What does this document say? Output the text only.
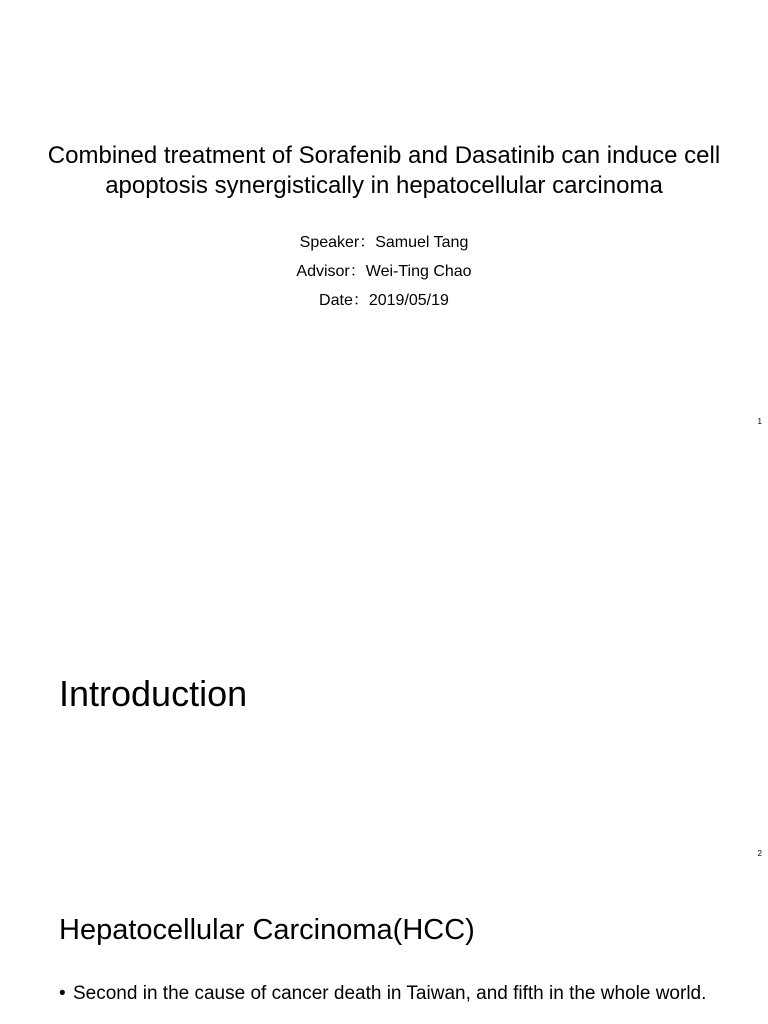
Combined treatment of Sorafenib and Dasatinib can induce cell apoptosis synergistically in hepatocellular carcinoma
Speaker：Samuel Tang
Advisor：Wei-Ting Chao
Date：2019/05/19
1
Introduction
2
Hepatocellular Carcinoma(HCC)
• Second in the cause of cancer death in Taiwan, and fifth in the whole world.
